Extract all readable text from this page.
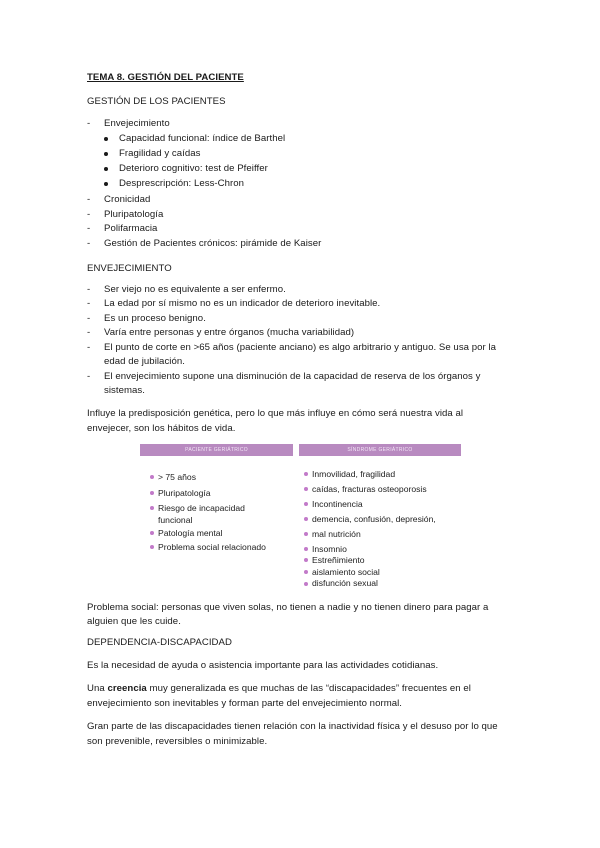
TEMA 8. GESTIÓN DEL PACIENTE
GESTIÓN DE LOS PACIENTES
- Envejecimiento
Capacidad funcional: índice de Barthel
Fragilidad y caídas
Deterioro cognitivo: test de Pfeiffer
Desprescripción: Less-Chron
- Cronicidad
- Pluripatología
- Polifarmacia
- Gestión de Pacientes crónicos: pirámide de Kaiser
ENVEJECIMIENTO
- Ser viejo no es equivalente a ser enfermo.
- La edad por sí mismo no es un indicador de deterioro inevitable.
- Es un proceso benigno.
- Varía entre personas y entre órganos (mucha variabilidad)
- El punto de corte en >65 años (paciente anciano) es algo arbitrario y antiguo. Se usa por la
edad de jubilación.
- El envejecimiento supone una disminución de la capacidad de reserva de los órganos y
sistemas.
Influye la predisposición genética, pero lo que más influye en cómo será nuestra vida al
envejecer, son los hábitos de vida.
PACIENTE GERIÁTRICO	SÍNDROME GERIÁTRICO
> 75 años
Pluripatología
Riesgo de incapacidad
funcional
Patología mental
Problema social relacionado
Inmovilidad, fragilidad
caídas, fracturas osteoporosis
Incontinencia
demencia, confusión, depresión,
mal nutrición
Insomnio
Estreñimiento
aislamiento social
disfunción sexual
Problema social: personas que viven solas, no tienen a nadie y no tienen dinero para pagar a
alguien que les cuide.
DEPENDENCIA-DISCAPACIDAD
Es la necesidad de ayuda o asistencia importante para las actividades cotidianas.
Una creencia muy generalizada es que muchas de las “discapacidades” frecuentes en el
envejecimiento son inevitables y forman parte del envejecimiento normal.
Gran parte de las discapacidades tienen relación con la inactividad física y el desuso por lo que
son prevenible, reversibles o minimizable.
